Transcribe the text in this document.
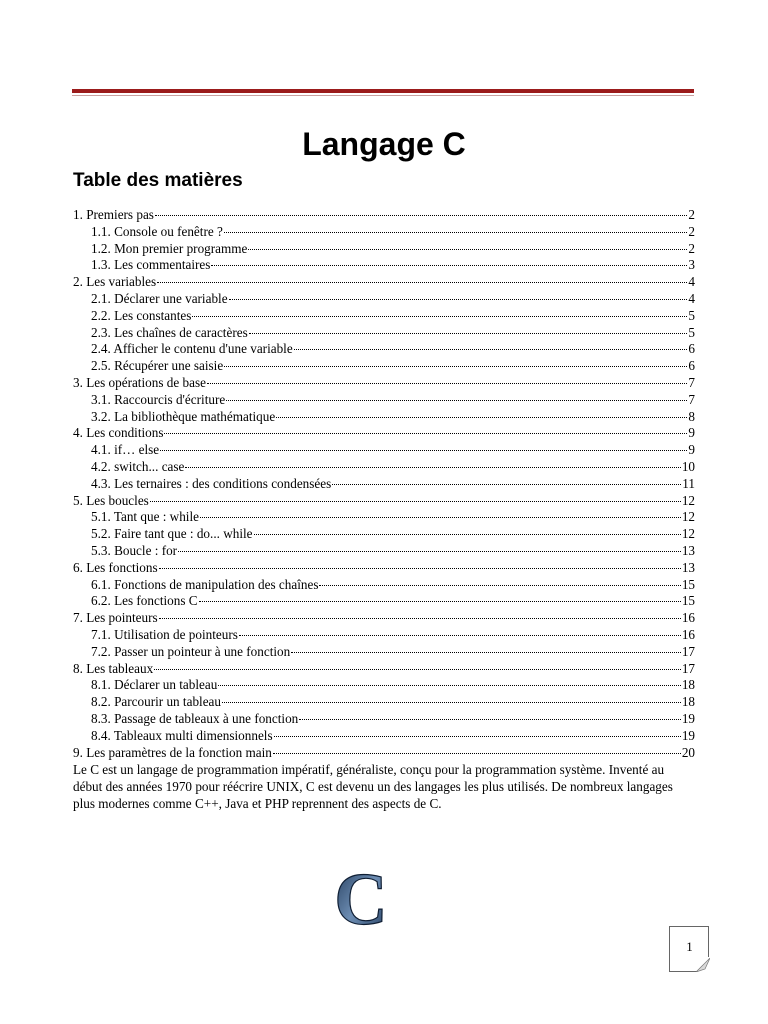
Langage C
Table des matières
1. Premiers pas	2
1.1. Console ou fenêtre ?	2
1.2. Mon premier programme	2
1.3. Les commentaires	3
2. Les variables	4
2.1. Déclarer une variable	4
2.2. Les constantes	5
2.3. Les chaînes de caractères	5
2.4. Afficher le contenu d'une variable	6
2.5. Récupérer une saisie	6
3. Les opérations de base	7
3.1. Raccourcis d'écriture	7
3.2. La bibliothèque mathématique	8
4. Les conditions	9
4.1. if… else	9
4.2. switch... case	10
4.3. Les ternaires : des conditions condensées	11
5. Les boucles	12
5.1. Tant que : while	12
5.2. Faire tant que : do... while	12
5.3. Boucle : for	13
6. Les fonctions	13
6.1. Fonctions de manipulation des chaînes	15
6.2. Les fonctions C	15
7. Les pointeurs	16
7.1. Utilisation de pointeurs	16
7.2. Passer un pointeur à une fonction	17
8. Les tableaux	17
8.1. Déclarer un tableau	18
8.2. Parcourir un tableau	18
8.3. Passage de tableaux à une fonction	19
8.4. Tableaux multi dimensionnels	19
9. Les paramètres de la fonction main	20

Le C est un langage de programmation impératif, généraliste, conçu pour la programmation système. Inventé au début des années 1970 pour réécrire UNIX, C est devenu un des langages les plus utilisés. De nombreux langages plus modernes comme C++, Java et PHP reprennent des aspects de C.

C
1
